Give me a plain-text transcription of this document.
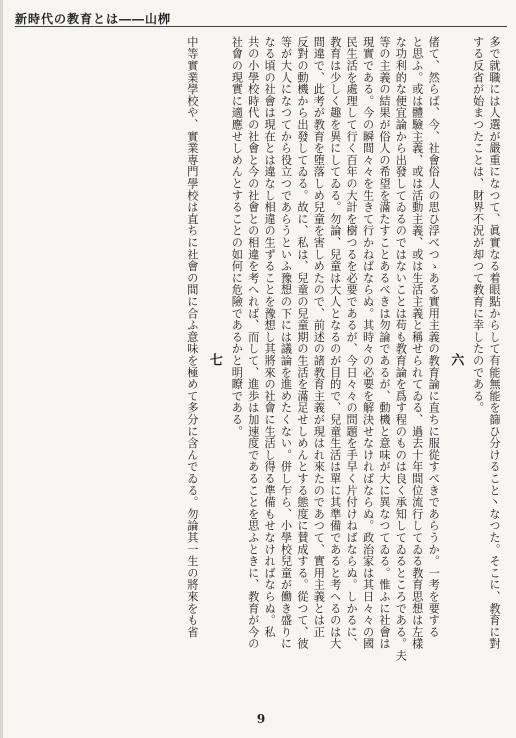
新時代の教育とは――山栁
多で就職には人選が嚴重になつて、眞實なる着眼點からして有能無能を篩ひ分けること丶なつた。そこに、教育に對
する反省が始まつたことは、財界不況が却つて教育に幸したのである。
六
偖て、然らば、今、社會俗人の思ひ浮べつゝある實用主義の教育論に直ちに服從すべきであらうか。一考を要する
と思ふ。或は體驗主義、或は活動主義、或は生活主義と稱せられてゐる、過去十年間位流行してゐる教育思想は左樣
な功利的な便宜論から出發してゐるのではないことは苟も教育論を爲す程のものは良く承知してゐるところである。夫
等の主義の結果が俗人の希望を滿たすことあるべきは勿論であるが、動機と意味が大に異なつてゐる。惟ふに社會は
現實である。今の瞬間々々を生きて行かねばならぬ。其時々の必要を解決せなければならぬ。政治家は其日々々の國
民生活を處理して行く百年の大計を樹つるを必要であるが、今日々々の問題を手早く片付けねばならぬ。しかるに、
教育は少しく趣を異にしてゐる。勿論、兒童は大人となるのが目的で、兒童生活は單に其準備であると考へるのは大
間違で、此考が教育を堕落しめ兒童を害しめたので、前述の諸教育主義が現はれ來たのであつて、實用主義とは正
反對の動機から出發してゐる。故に、私は、兒童の兒童期の生活を滿足せしめんとする態度に賛成する。從つて、彼
等が大人になつてから役立つであらうといふ豫想の下には議論を進めたくない。併し乍ら、小學校兒童が働き盛りに
なる頃の社會は現在とは違なし相違の生ずることを豫想し其將來の社會に生活し得る準備もせなければならぬ。私
共の小學校時代の社會と今の社會との相違を考へれば、而して、進歩は加速度であることを思ふときに、教育が今の
社會の現實に適應せしめんとすることの如何に危險であるかと明瞭である。
七
中等實業學校や、實業専門學校は直ちに社會の間に合ふ意味を極めて多分に含んでゐる。勿論其一生の將來をも省
9
